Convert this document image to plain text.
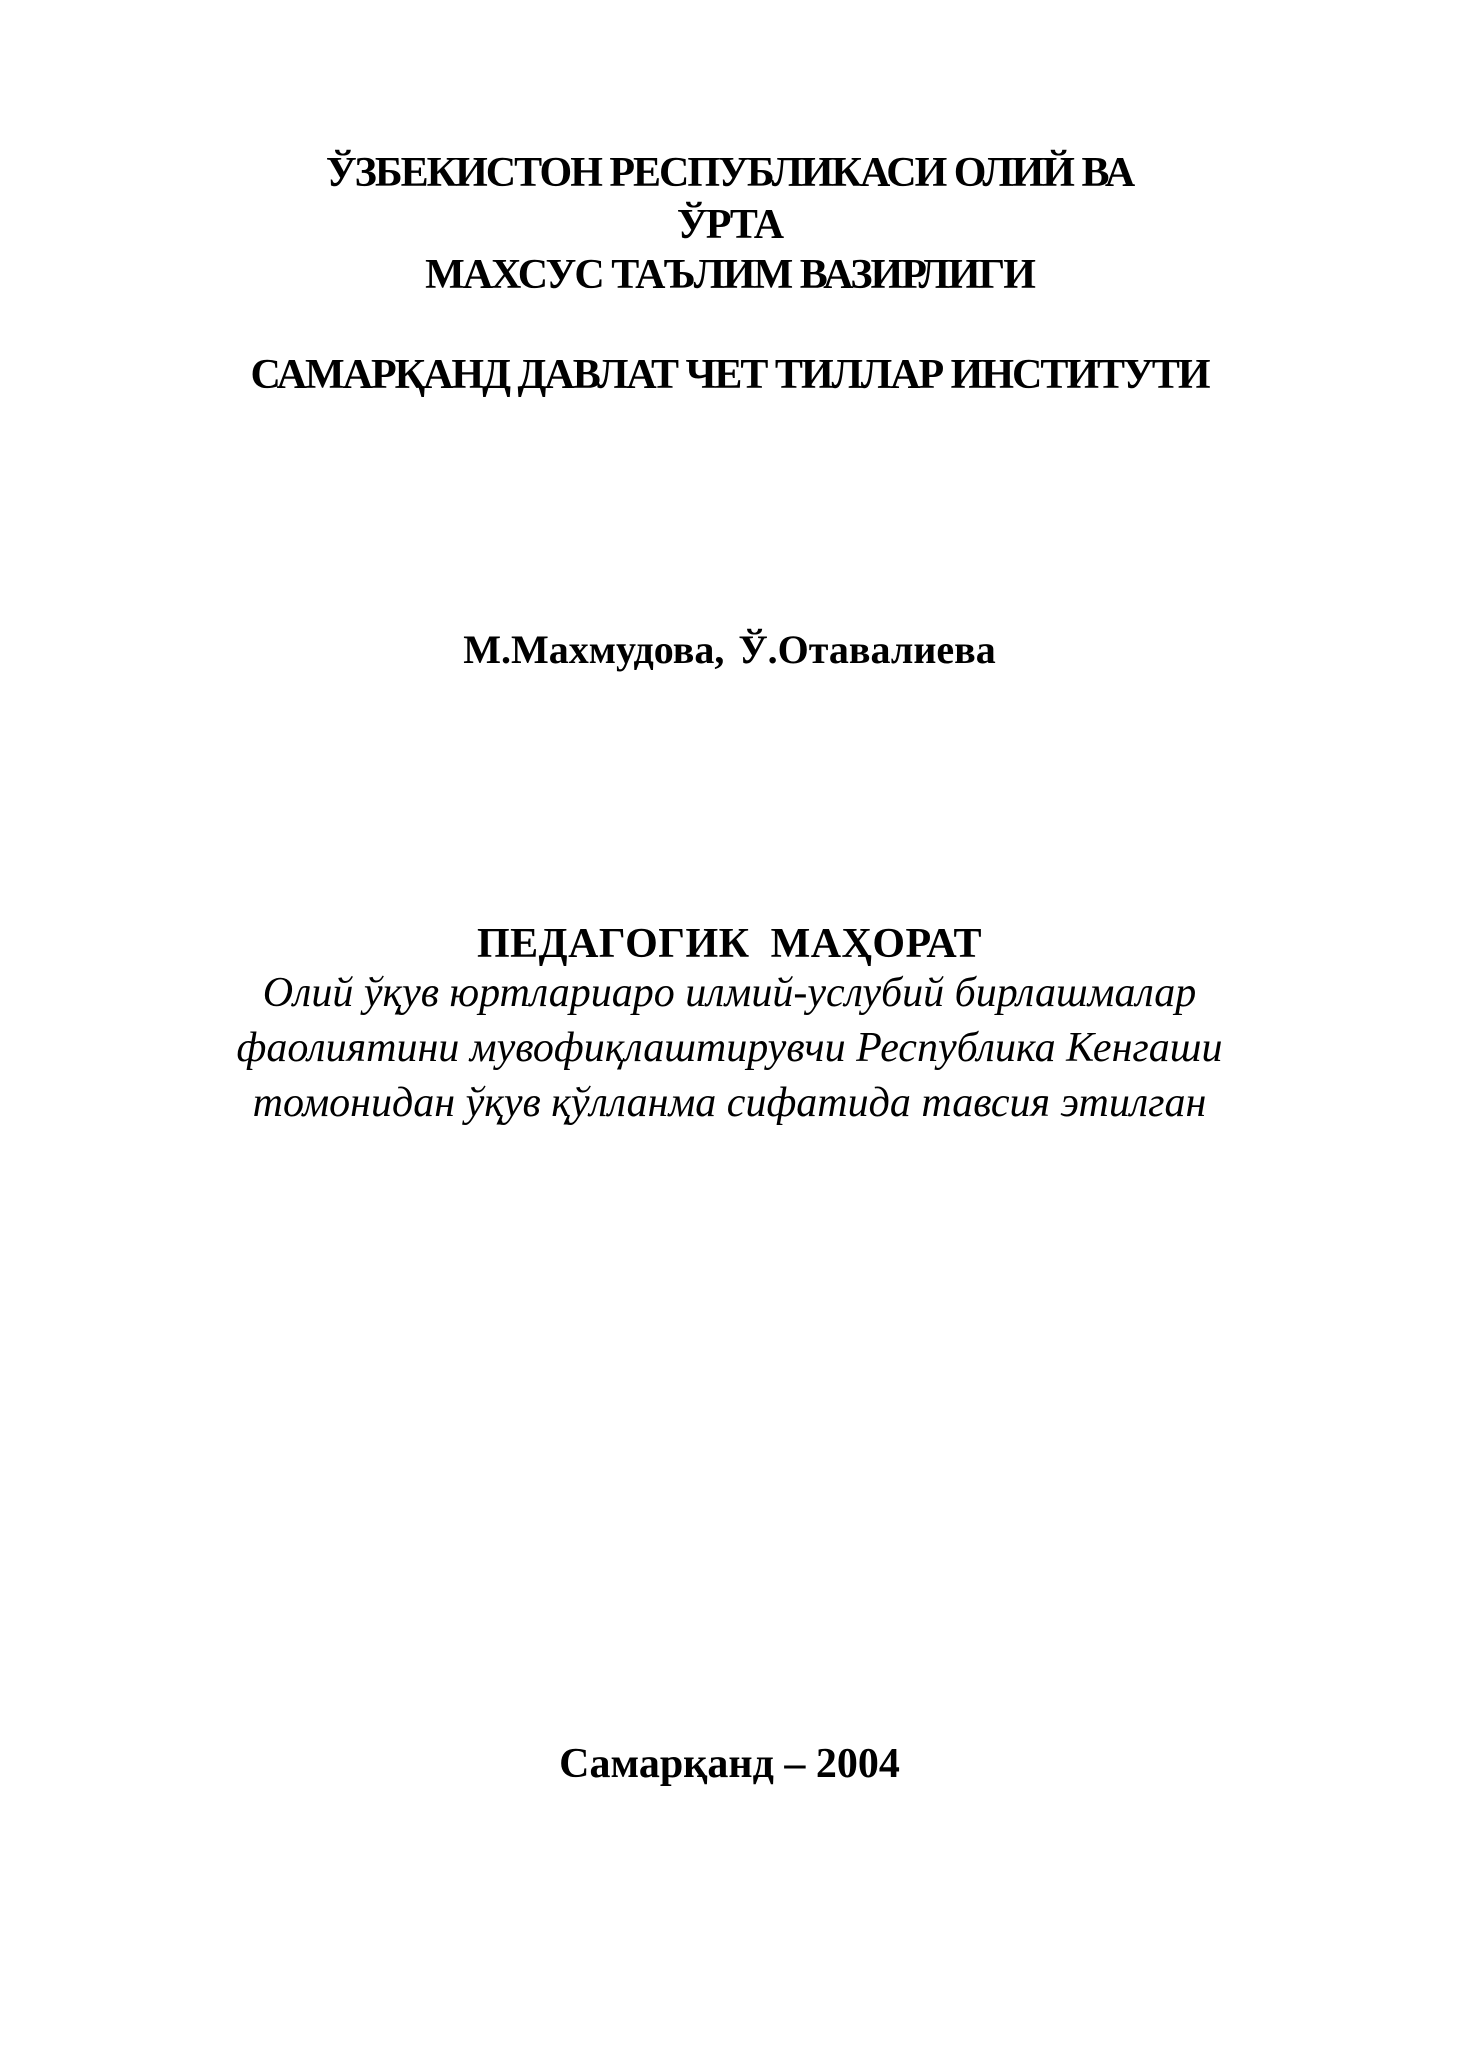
ЎЗБЕКИСТОН РЕСПУБЛИКАСИ ОЛИЙ ВА
ЎРТА
МАХСУС ТАЪЛИМ ВАЗИРЛИГИ
САМАРҚАНД ДАВЛАТ ЧЕТ ТИЛЛАР ИНСТИТУТИ
М.Махмудова, Ў.Отавалиева
ПЕДАГОГИК МАҲОРАТ
Олий ўқув юртлариаро илмий-услубий бирлашмалар
фаолиятини мувофиқлаштирувчи Республика Кенгаши
томонидан ўқув қўлланма сифатида тавсия этилган
Самарқанд – 2004
